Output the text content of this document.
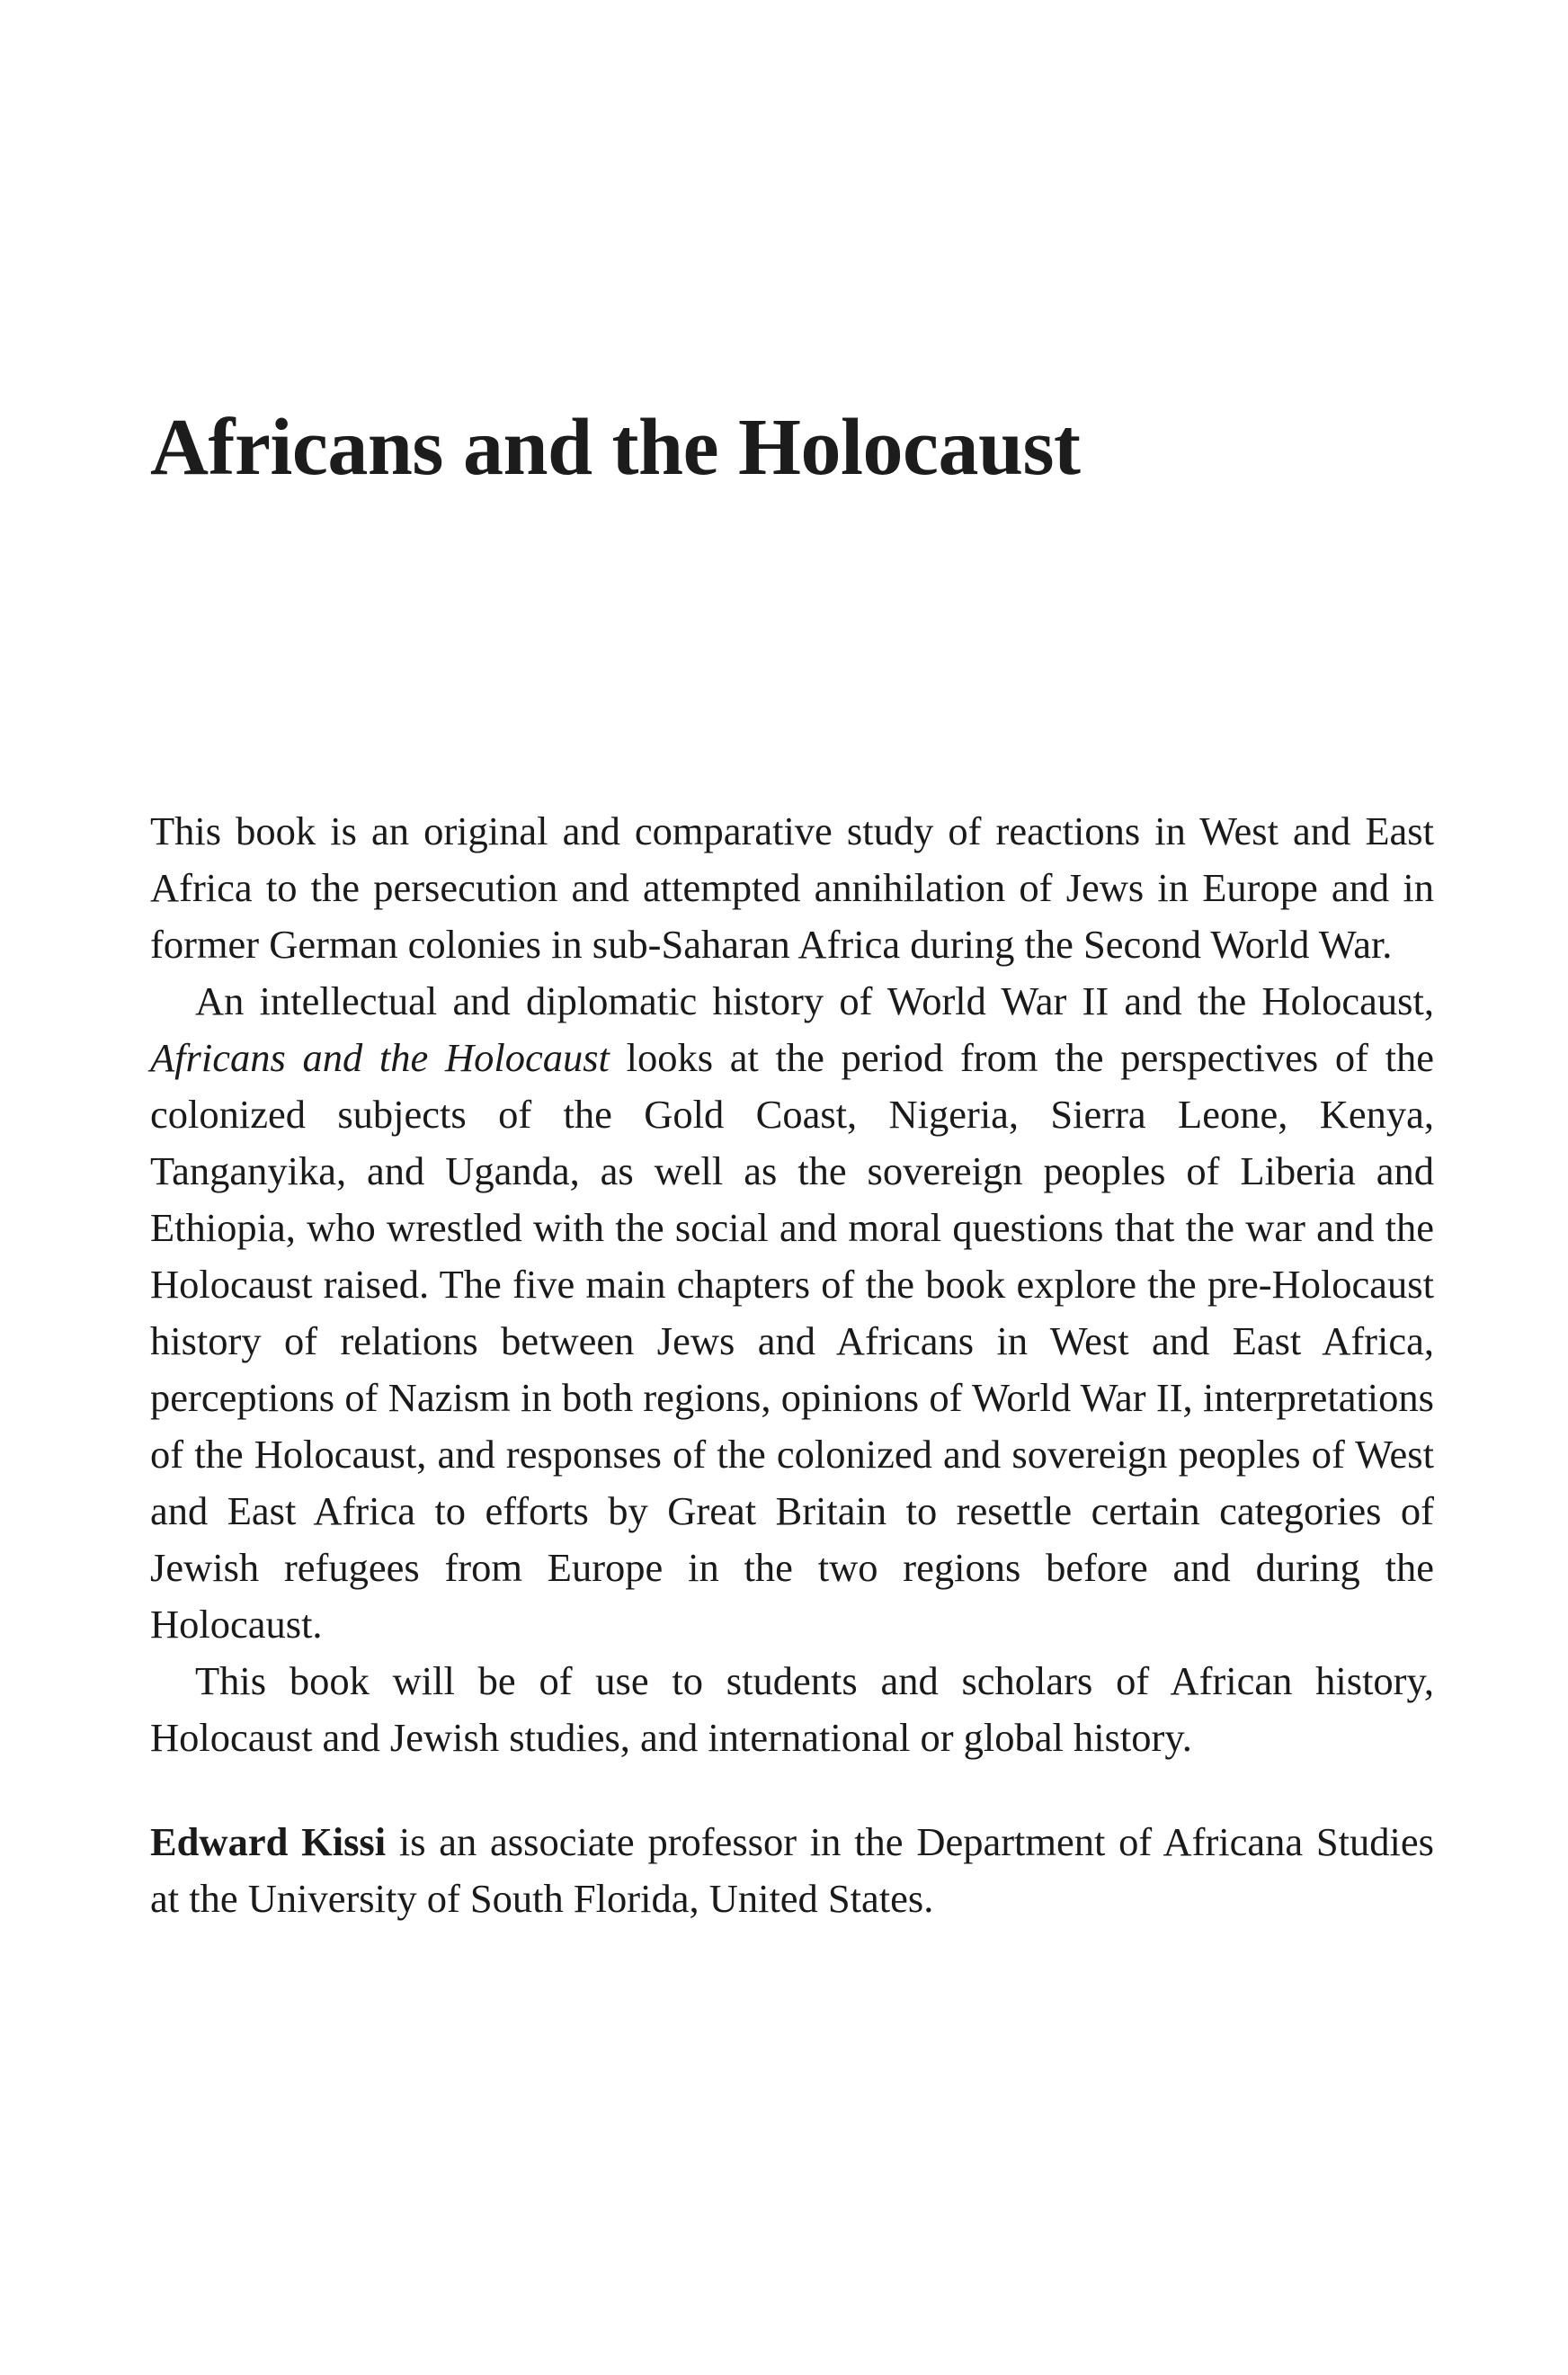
Africans and the Holocaust

This book is an original and comparative study of reactions in West and East Africa to the persecution and attempted annihilation of Jews in Europe and in former German colonies in sub-Saharan Africa during the Second World War.

An intellectual and diplomatic history of World War II and the Holocaust, Africans and the Holocaust looks at the period from the perspectives of the colonized subjects of the Gold Coast, Nigeria, Sierra Leone, Kenya, Tanganyika, and Uganda, as well as the sovereign peoples of Liberia and Ethiopia, who wrestled with the social and moral questions that the war and the Holocaust raised. The five main chapters of the book explore the pre-Holocaust history of relations between Jews and Africans in West and East Africa, perceptions of Nazism in both regions, opinions of World War II, interpretations of the Holocaust, and responses of the colonized and sovereign peoples of West and East Africa to efforts by Great Britain to resettle certain categories of Jewish refugees from Europe in the two regions before and during the Holocaust.

This book will be of use to students and scholars of African history, Holocaust and Jewish studies, and international or global history.

Edward Kissi is an associate professor in the Department of Africana Studies at the University of South Florida, United States.
